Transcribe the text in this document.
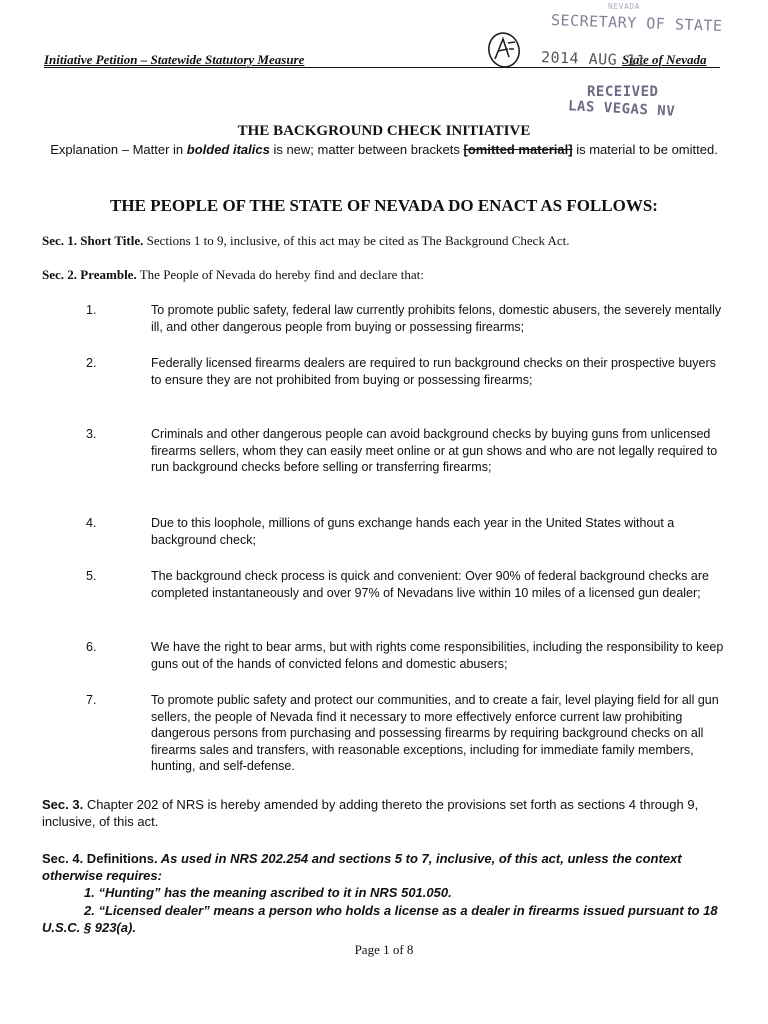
Initiative Petition – Statewide Statutory Measure	State of Nevada
NEVADA
SECRETARY OF STATE
2014 AUG 11
RECEIVED
LAS VEGAS NV
THE BACKGROUND CHECK INITIATIVE
Explanation – Matter in bolded italics is new; matter between brackets [omitted material] is material to be omitted.
THE PEOPLE OF THE STATE OF NEVADA DO ENACT AS FOLLOWS:
Sec. 1. Short Title. Sections 1 to 9, inclusive, of this act may be cited as The Background Check Act.
Sec. 2. Preamble. The People of Nevada do hereby find and declare that:
1.	To promote public safety, federal law currently prohibits felons, domestic abusers, the severely mentally ill, and other dangerous people from buying or possessing firearms;
2.	Federally licensed firearms dealers are required to run background checks on their prospective buyers to ensure they are not prohibited from buying or possessing firearms;
3.	Criminals and other dangerous people can avoid background checks by buying guns from unlicensed firearms sellers, whom they can easily meet online or at gun shows and who are not legally required to run background checks before selling or transferring firearms;
4.	Due to this loophole, millions of guns exchange hands each year in the United States without a background check;
5.	The background check process is quick and convenient: Over 90% of federal background checks are completed instantaneously and over 97% of Nevadans live within 10 miles of a licensed gun dealer;
6.	We have the right to bear arms, but with rights come responsibilities, including the responsibility to keep guns out of the hands of convicted felons and domestic abusers;
7.	To promote public safety and protect our communities, and to create a fair, level playing field for all gun sellers, the people of Nevada find it necessary to more effectively enforce current law prohibiting dangerous persons from purchasing and possessing firearms by requiring background checks on all firearms sales and transfers, with reasonable exceptions, including for immediate family members, hunting, and self-defense.
Sec. 3. Chapter 202 of NRS is hereby amended by adding thereto the provisions set forth as sections 4 through 9, inclusive, of this act.
Sec. 4. Definitions. As used in NRS 202.254 and sections 5 to 7, inclusive, of this act, unless the context otherwise requires:
1. “Hunting” has the meaning ascribed to it in NRS 501.050.
2. “Licensed dealer” means a person who holds a license as a dealer in firearms issued pursuant to 18 U.S.C. § 923(a).
Page 1 of 8
